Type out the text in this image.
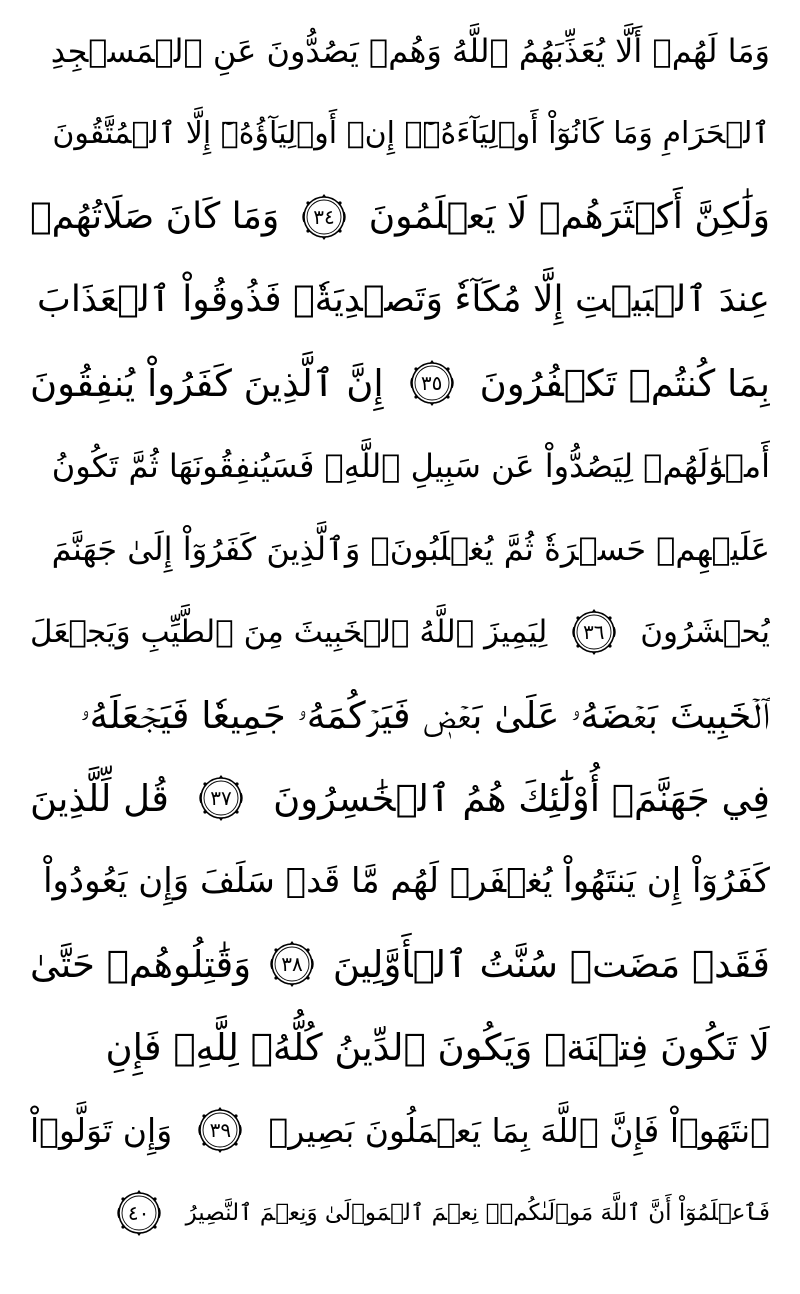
وَمَا لَهُمۡ أَلَّا يُعَذِّبَهُمُ ٱللَّهُ وَهُمۡ يَصُدُّونَ عَنِ ٱلۡمَسۡجِدِ
ٱلۡحَرَامِ وَمَا كَانُوٓاْ أَوۡلِيَآءَهُۥٓۚ إِنۡ أَوۡلِيَآؤُهُۥٓ إِلَّا ٱلۡمُتَّقُونَ
وَلَٰكِنَّ أَكۡثَرَهُمۡ لَا يَعۡلَمُونَ
٣٤
وَمَا كَانَ صَلَاتُهُمۡ
عِندَ ٱلۡبَيۡتِ إِلَّا مُكَآءٗ وَتَصۡدِيَةٗۚ فَذُوقُواْ ٱلۡعَذَابَ
بِمَا كُنتُمۡ تَكۡفُرُونَ
٣٥
إِنَّ ٱلَّذِينَ كَفَرُواْ يُنفِقُونَ
أَمۡوَٰلَهُمۡ لِيَصُدُّواْ عَن سَبِيلِ ٱللَّهِۚ فَسَيُنفِقُونَهَا ثُمَّ تَكُونُ
عَلَيۡهِمۡ حَسۡرَةٗ ثُمَّ يُغۡلَبُونَۗ وَٱلَّذِينَ كَفَرُوٓاْ إِلَىٰ جَهَنَّمَ
يُحۡشَرُونَ
٣٦
لِيَمِيزَ ٱللَّهُ ٱلۡخَبِيثَ مِنَ ٱلطَّيِّبِ وَيَجۡعَلَ
ٱلۡخَبِيثَ بَعۡضَهُۥ عَلَىٰ بَعۡضٖ فَيَرۡكُمَهُۥ جَمِيعٗا فَيَجۡعَلَهُۥ
فِي جَهَنَّمَۚ أُوْلَٰٓئِكَ هُمُ ٱلۡخَٰسِرُونَ
٣٧
قُل لِّلَّذِينَ
كَفَرُوٓاْ إِن يَنتَهُواْ يُغۡفَرۡ لَهُم مَّا قَدۡ سَلَفَ وَإِن يَعُودُواْ
فَقَدۡ مَضَتۡ سُنَّتُ ٱلۡأَوَّلِينَ
٣٨
وَقَٰتِلُوهُمۡ حَتَّىٰ
لَا تَكُونَ فِتۡنَةٞ وَيَكُونَ ٱلدِّينُ كُلُّهُۥ لِلَّهِۚ فَإِنِ
ٱنتَهَوۡاْ فَإِنَّ ٱللَّهَ بِمَا يَعۡمَلُونَ بَصِيرٞ
٣٩
وَإِن تَوَلَّوۡاْ
فَٱعۡلَمُوٓاْ أَنَّ ٱللَّهَ مَوۡلَىٰكُمۡۚ نِعۡمَ ٱلۡمَوۡلَىٰ وَنِعۡمَ ٱلنَّصِيرُ
٤٠
